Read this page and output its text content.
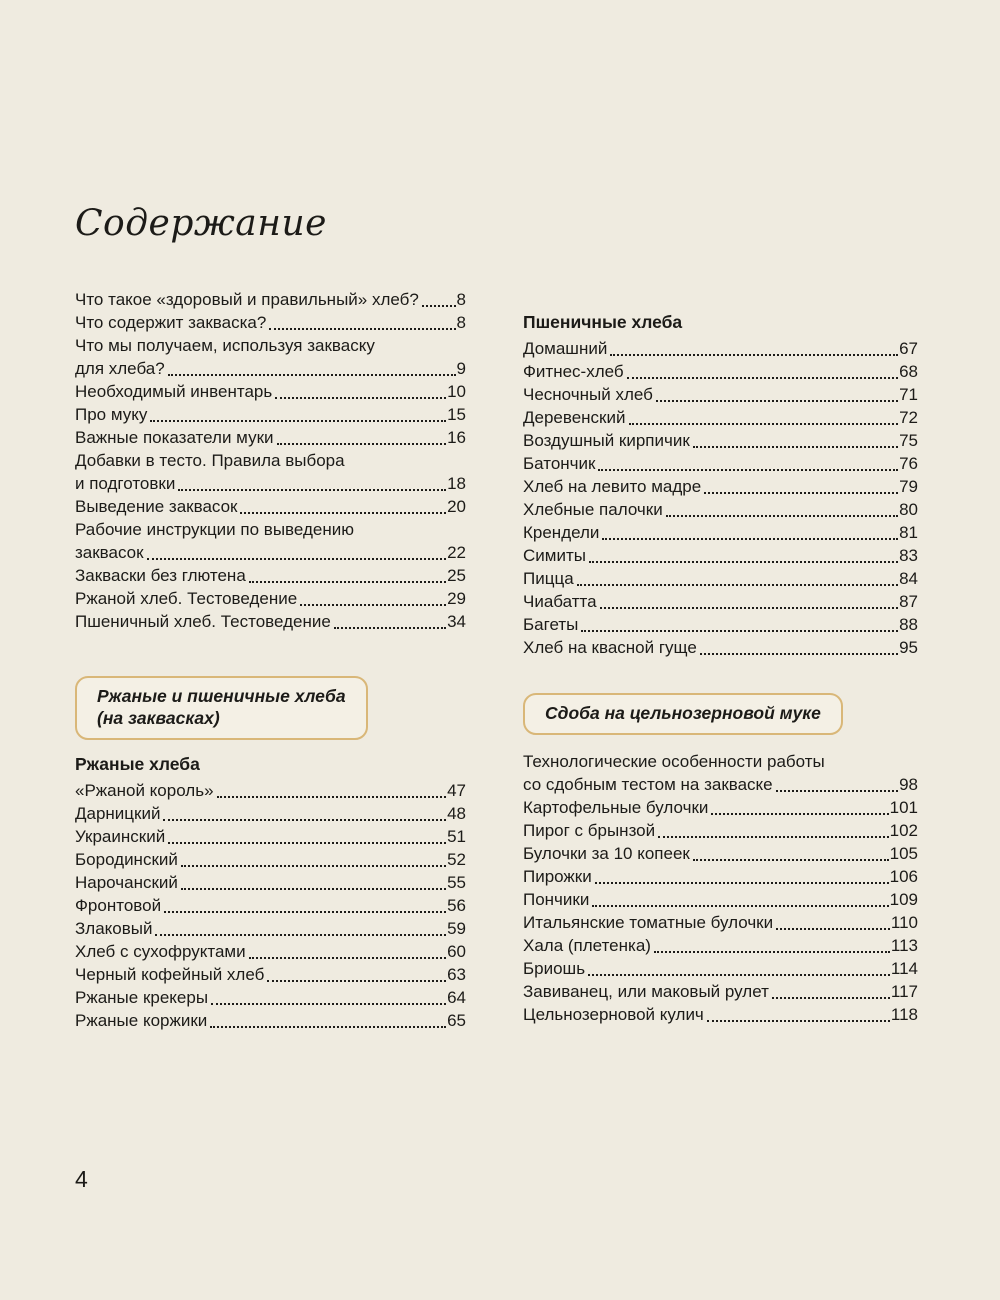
Содержание
Что такое «здоровый и правильный» хлеб? 8
Что содержит закваска?	8
Что мы получаем, используя закваску
для хлеба?	9
Необходимый инвентарь	10
Про муку	15
Важные показатели муки	16
Добавки в тесто. Правила выбора
и подготовки	18
Выведение заквасок	20
Рабочие инструкции по выведению
заквасок	22
Закваски без глютена	25
Ржаной хлеб. Тестоведение	29
Пшеничный хлеб. Тестоведение	34
Ржаные и пшеничные хлеба
(на заквасках)
Ржаные хлеба
«Ржаной король»	47
Дарницкий	48
Украинский	51
Бородинский	52
Нарочанский	55
Фронтовой	56
Злаковый	59
Хлеб с сухофруктами	60
Черный кофейный хлеб	63
Ржаные крекеры	64
Ржаные коржики	65
Пшеничные хлеба
Домашний	67
Фитнес-хлеб	68
Чесночный хлеб	71
Деревенский	72
Воздушный кирпичик	75
Батончик	76
Хлеб на левито мадре	79
Хлебные палочки	80
Крендели	81
Симиты	83
Пицца	84
Чиабатта	87
Багеты	88
Хлеб на квасной гуще	95
Сдоба на цельнозерновой муке
Технологические особенности работы
со сдобным тестом на закваске	98
Картофельные булочки	101
Пирог с брынзой	102
Булочки за 10 копеек	105
Пирожки	106
Пончики	109
Итальянские томатные булочки	110
Хала (плетенка)	113
Бриошь	114
Завиванец, или маковый рулет	117
Цельнозерновой кулич	118
4
